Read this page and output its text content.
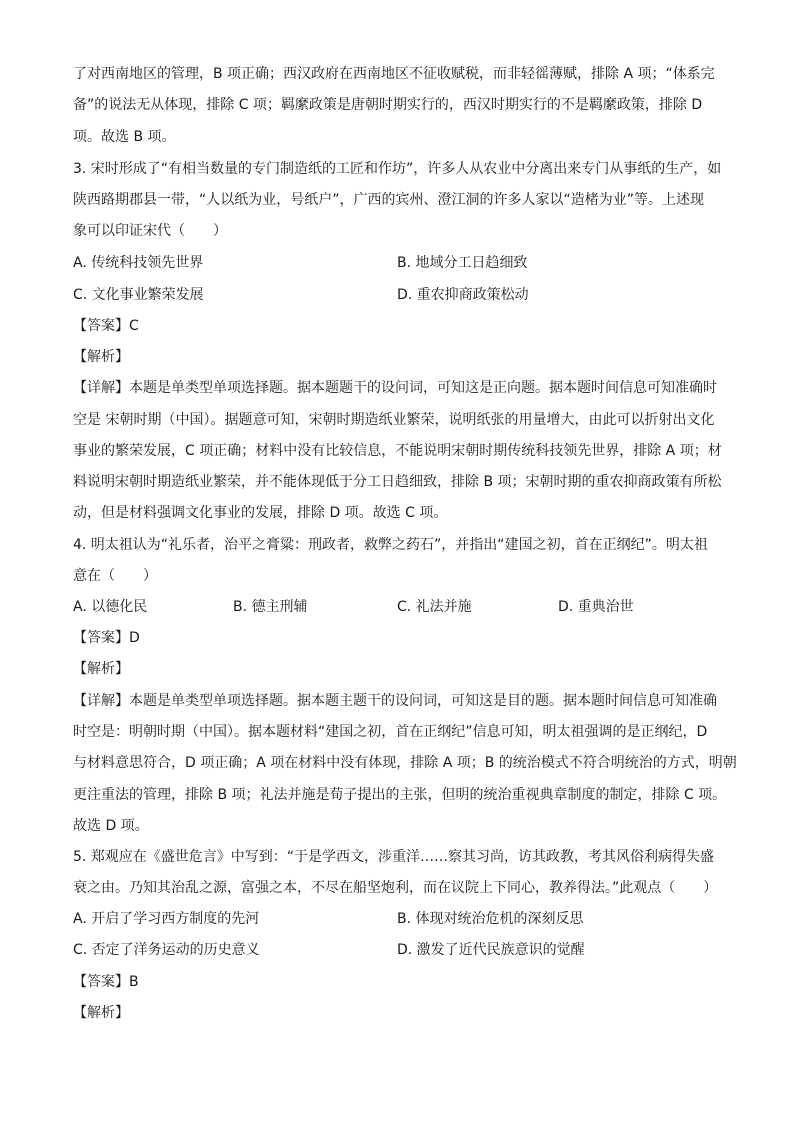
了对西南地区的管理，B 项正确；西汉政府在西南地区不征收赋税，而非轻徭薄赋，排除 A 项；“体系完
备”的说法无从体现，排除 C 项；羁縻政策是唐朝时期实行的，西汉时期实行的不是羁縻政策，排除 D
项。故选 B 项。
3. 宋时形成了“有相当数量的专门制造纸的工匠和作坊”，许多人从农业中分离出来专门从事纸的生产，如
陕西路期郡县一带，“人以纸为业，号纸户”，广西的宾州、澄江洞的许多人家以“造楮为业”等。上述现
象可以印证宋代（　　）
A. 传统科技领先世界	B. 地域分工日趋细致
C. 文化事业繁荣发展	D. 重农抑商政策松动
【答案】C
【解析】
【详解】本题是单类型单项选择题。据本题题干的设问词，可知这是正向题。据本题时间信息可知准确时
空是 宋朝时期（中国）。据题意可知，宋朝时期造纸业繁荣，说明纸张的用量增大，由此可以折射出文化
事业的繁荣发展，C 项正确；材料中没有比较信息，不能说明宋朝时期传统科技领先世界，排除 A 项；材
料说明宋朝时期造纸业繁荣，并不能体现低于分工日趋细致，排除 B 项；宋朝时期的重农抑商政策有所松
动，但是材料强调文化事业的发展，排除 D 项。故选 C 项。
4. 明太祖认为“礼乐者，治平之膏粱：刑政者，救弊之药石”，并指出“建国之初，首在正纲纪”。明太祖
意在（　　）
A. 以德化民	B. 德主刑辅	C. 礼法并施	D. 重典治世
【答案】D
【解析】
【详解】本题是单类型单项选择题。据本题主题干的设问词，可知这是目的题。据本题时间信息可知准确
时空是：明朝时期（中国）。据本题材料“建国之初，首在正纲纪”信息可知，明太祖强调的是正纲纪，D
与材料意思符合，D 项正确；A 项在材料中没有体现，排除 A 项；B 的统治模式不符合明统治的方式，明朝
更注重法的管理，排除 B 项；礼法并施是荀子提出的主张，但明的统治重视典章制度的制定，排除 C 项。
故选 D 项。
5. 郑观应在《盛世危言》中写到：“于是学西文，涉重洋……察其习尚，访其政教，考其风俗利病得失盛
衰之由。乃知其治乱之源，富强之本，不尽在船坚炮利，而在议院上下同心，教养得法。”此观点（　　）
A. 开启了学习西方制度的先河	B. 体现对统治危机的深刻反思
C. 否定了洋务运动的历史意义	D. 激发了近代民族意识的觉醒
【答案】B
【解析】
